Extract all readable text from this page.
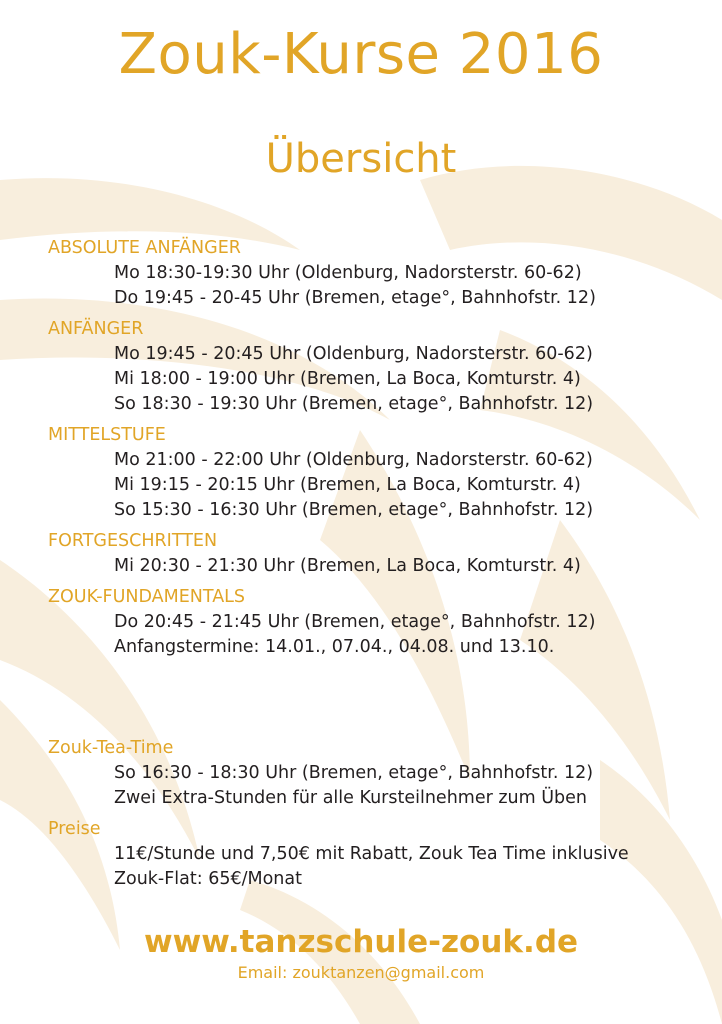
Zouk-Kurse 2016
Übersicht
ABSOLUTE ANFÄNGER
Mo 18:30-19:30 Uhr (Oldenburg, Nadorsterstr. 60-62)
Do 19:45 - 20-45 Uhr (Bremen, etage°, Bahnhofstr. 12)
ANFÄNGER
Mo 19:45 - 20:45 Uhr (Oldenburg, Nadorsterstr. 60-62)
Mi 18:00 - 19:00 Uhr (Bremen, La Boca, Komturstr. 4)
So 18:30 - 19:30 Uhr (Bremen, etage°, Bahnhofstr. 12)
MITTELSTUFE
Mo 21:00 - 22:00 Uhr (Oldenburg, Nadorsterstr. 60-62)
Mi 19:15 - 20:15 Uhr (Bremen, La Boca, Komturstr. 4)
So 15:30 - 16:30 Uhr (Bremen, etage°, Bahnhofstr. 12)
FORTGESCHRITTEN
Mi 20:30 - 21:30 Uhr (Bremen, La Boca, Komturstr. 4)
ZOUK-FUNDAMENTALS
Do 20:45 - 21:45 Uhr (Bremen, etage°, Bahnhofstr. 12)
Anfangstermine: 14.01., 07.04., 04.08. und 13.10.
Zouk-Tea-Time
So 16:30 - 18:30 Uhr (Bremen, etage°, Bahnhofstr. 12)
Zwei Extra-Stunden für alle Kursteilnehmer zum Üben
Preise
11€/Stunde und 7,50€ mit Rabatt, Zouk Tea Time inklusive
Zouk-Flat: 65€/Monat
www.tanzschule-zouk.de
Email: zouktanzen@gmail.com
